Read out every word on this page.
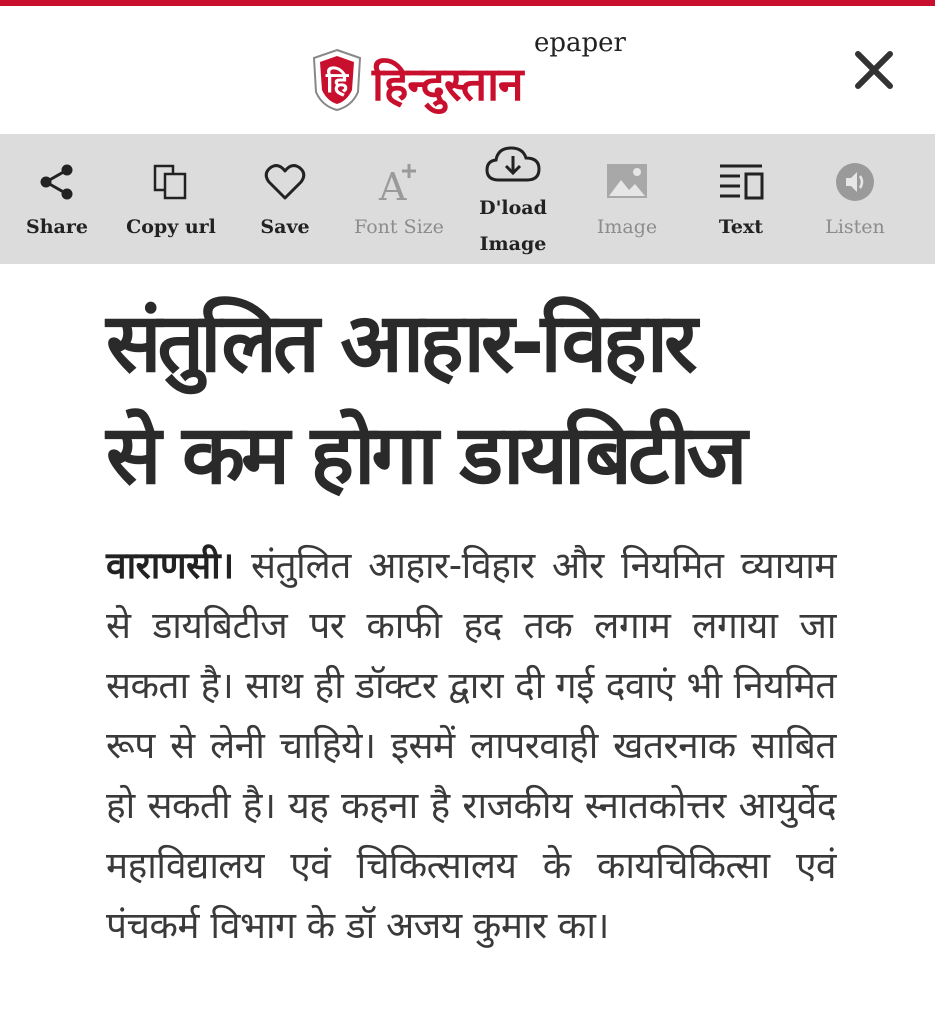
हि
epaper
हिन्दुस्तान
Share	Copy url	Save
A
Font Size
D'load
Image
Image	Text	Listen
संतुलित आहार-विहार
से कम होगा डायबिटीज
वाराणसी। संतुलित आहार-विहार और नियमित व्यायाम से डायबिटीज पर काफी हद तक लगाम लगाया जा सकता है। साथ ही डॉक्टर द्वारा दी गई दवाएं भी नियमित रूप से लेनी चाहिये। इसमें लापरवाही खतरनाक साबित हो सकती है। यह कहना है राजकीय स्नातकोत्तर आयुर्वेद महाविद्यालय एवं चिकित्सालय के कायचिकित्सा एवं पंचकर्म विभाग के डॉ अजय कुमार का।
